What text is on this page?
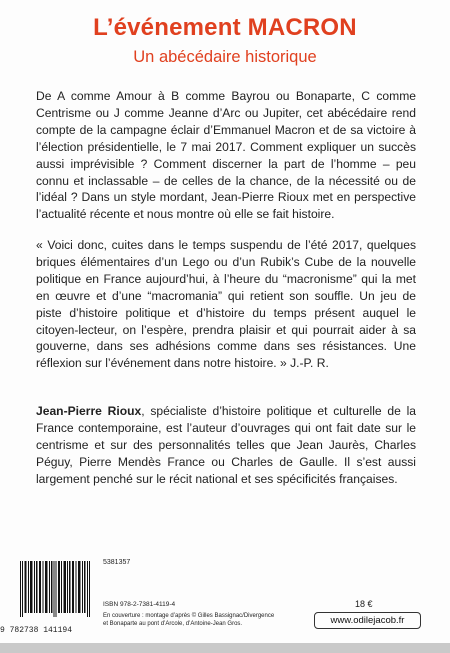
L’événement MACRON
Un abécédaire historique

De A comme Amour à B comme Bayrou ou Bonaparte, C comme Centrisme ou J comme Jeanne d’Arc ou Jupiter, cet abécédaire rend compte de la campagne éclair d’Emmanuel Macron et de sa victoire à l’élection présidentielle, le 7 mai 2017. Comment expliquer un succès aussi imprévisible ? Comment discerner la part de l’homme – peu connu et inclassable – de celles de la chance, de la nécessité ou de l’idéal ? Dans un style mordant, Jean-Pierre Rioux met en perspective l’actualité récente et nous montre où elle se fait histoire.

« Voici donc, cuites dans le temps suspendu de l’été 2017, quelques briques élémentaires d’un Lego ou d’un Rubik’s Cube de la nouvelle politique en France aujourd’hui, à l’heure du “macronisme” qui la met en œuvre et d’une “macromania” qui retient son souffle. Un jeu de piste d’histoire politique et d’histoire du temps présent auquel le citoyen-lecteur, on l’espère, prendra plaisir et qui pourrait aider à sa gouverne, dans ses adhésions comme dans ses résistances. Une réflexion sur l’événement dans notre histoire. » J.-P. R.

Jean-Pierre Rioux, spécialiste d’histoire politique et culturelle de la France contemporaine, est l’auteur d’ouvrages qui ont fait date sur le centrisme et sur des personnalités telles que Jean Jaurès, Charles Péguy, Pierre Mendès France ou Charles de Gaulle. Il s’est aussi largement penché sur le récit national et ses spécificités françaises.

9 782738 141194
5381357
ISBN 978-2-7381-4119-4
En couverture : montage d’après © Gilles Bassignac/Divergence
et Bonaparte au pont d’Arcole, d’Antoine-Jean Gros.
18 €
www.odilejacob.fr
